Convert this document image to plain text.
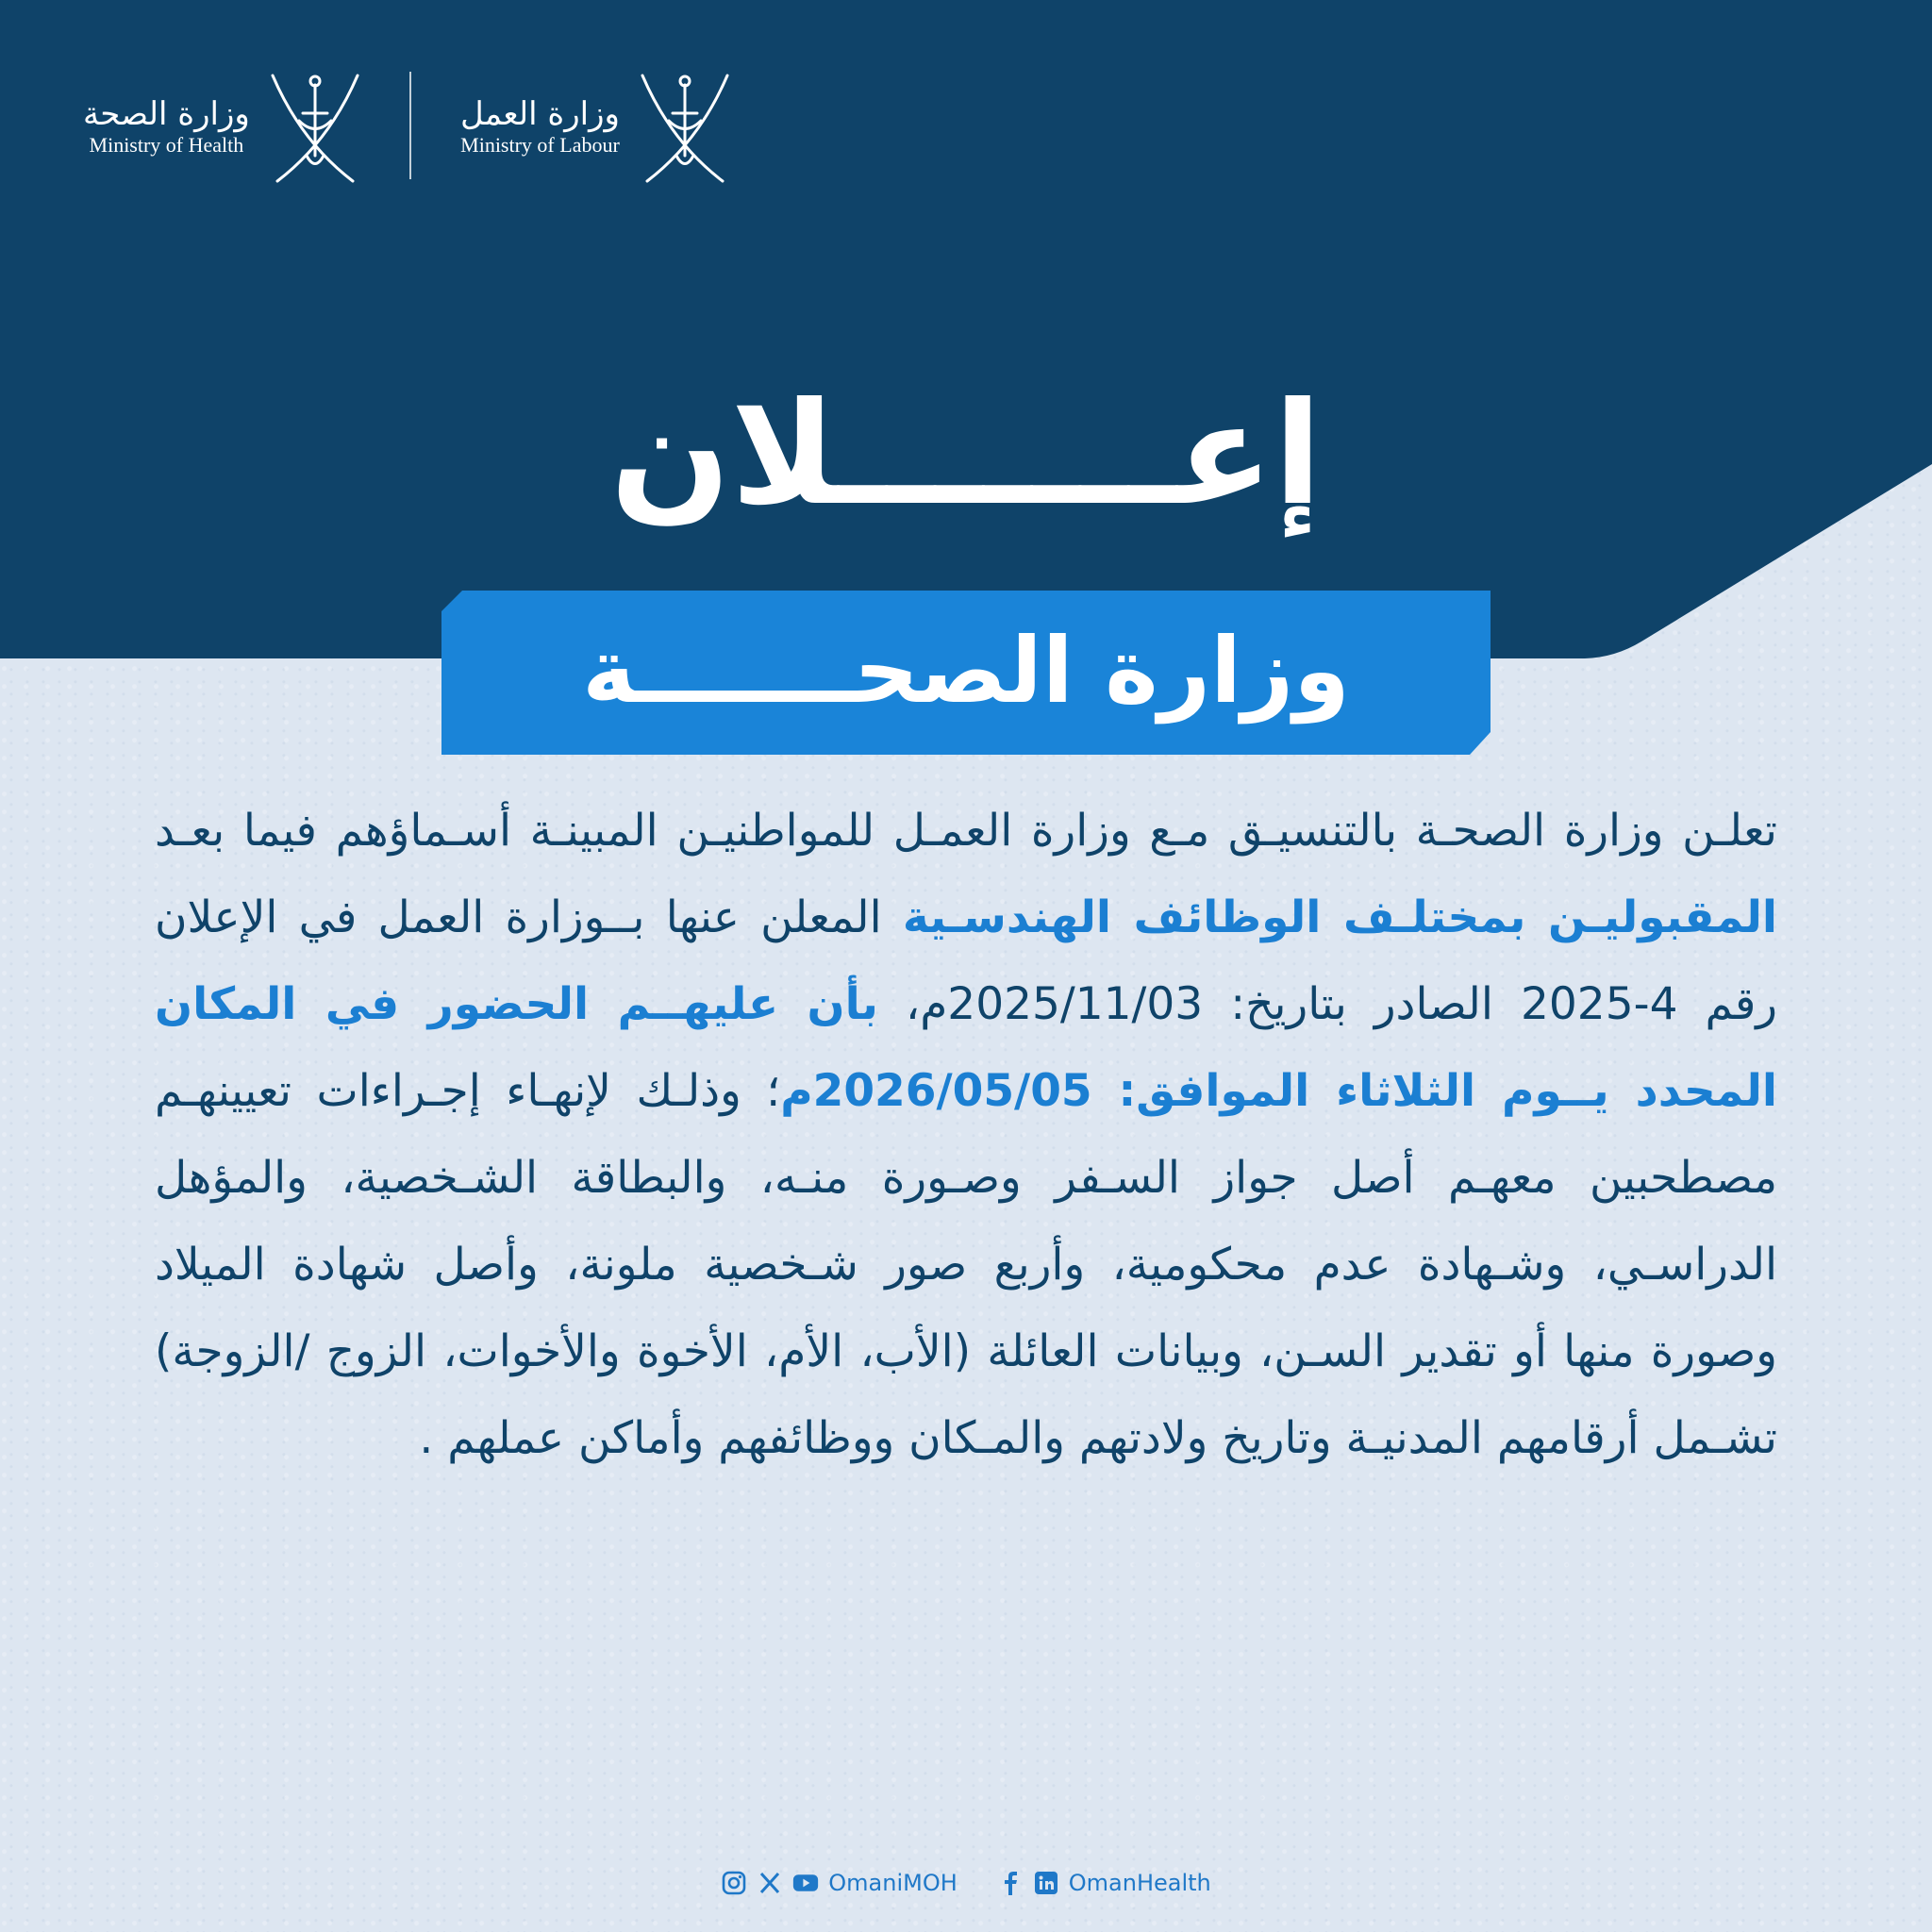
وزارة الصحة
Ministry of Health
وزارة العمل
Ministry of Labour
إعـــــــلان
وزارة الصحـــــــة
تعلـن وزارة الصحـة بالتنسيـق مـع وزارة العمـل للمواطنيـن المبينـة أسـماؤهم فيما بعـد المقبوليـن بمختلـف الوظائف الهندسـية المعلن عنها بــوزارة العمل في الإعلان رقم 4-2025 الصادر بتاريخ: 2025/11/03م، بأن عليهــم الحضور في المكان المحدد يــوم الثلاثاء الموافق: 2026/05/05م؛ وذلـك لإنهـاء إجـراءات تعيينهـم مصطحبين معهـم أصل جواز السـفر وصـورة منـه، والبطاقة الشـخصية، والمؤهل الدراسـي، وشـهادة عدم محكومية، وأربع صور شـخصية ملونة، وأصل شهادة الميلاد وصورة منها أو تقدير السـن، وبيانات العائلة (الأب، الأم، الأخوة والأخوات، الزوج /الزوجة) تشـمل أرقامهم المدنيـة وتاريخ ولادتهم والمـكان ووظائفهم وأماكن عملهم .
OmaniMOH	OmanHealth
